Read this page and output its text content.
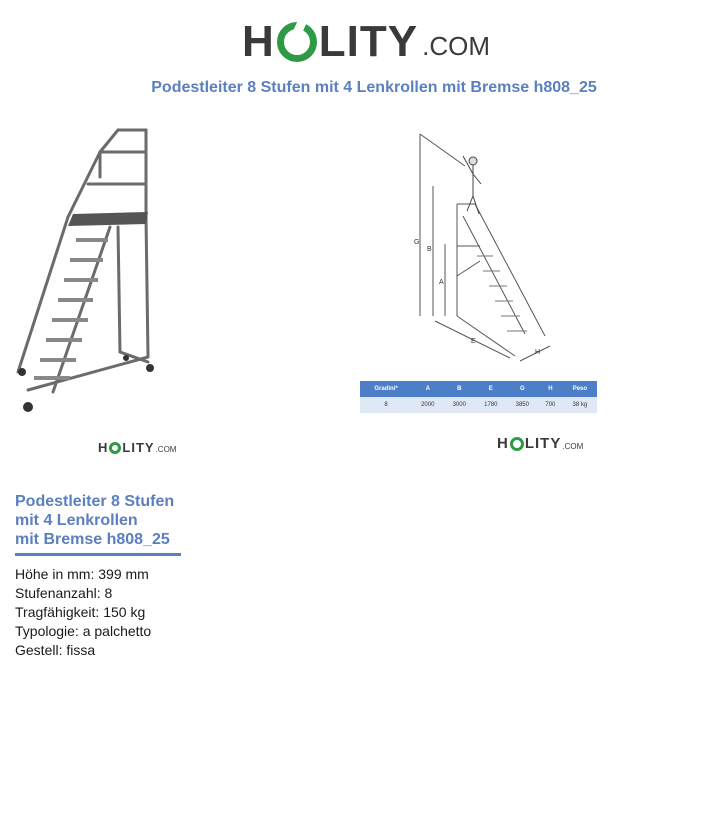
H LITY .COM
Podestleiter 8 Stufen mit 4 Lenkrollen mit Bremse h808_25
G
B
A
E
H
Gradini*	A	B	E	G	H	Peso
8	2000	3000	1780	3850	700	38 kg
H LITY .COM	H LITY .COM
Podestleiter 8 Stufen
mit 4 Lenkrollen
mit Bremse h808_25
Höhe in mm: 399 mm
Stufenanzahl: 8
Tragfähigkeit: 150 kg
Typologie: a palchetto
Gestell: fissa
